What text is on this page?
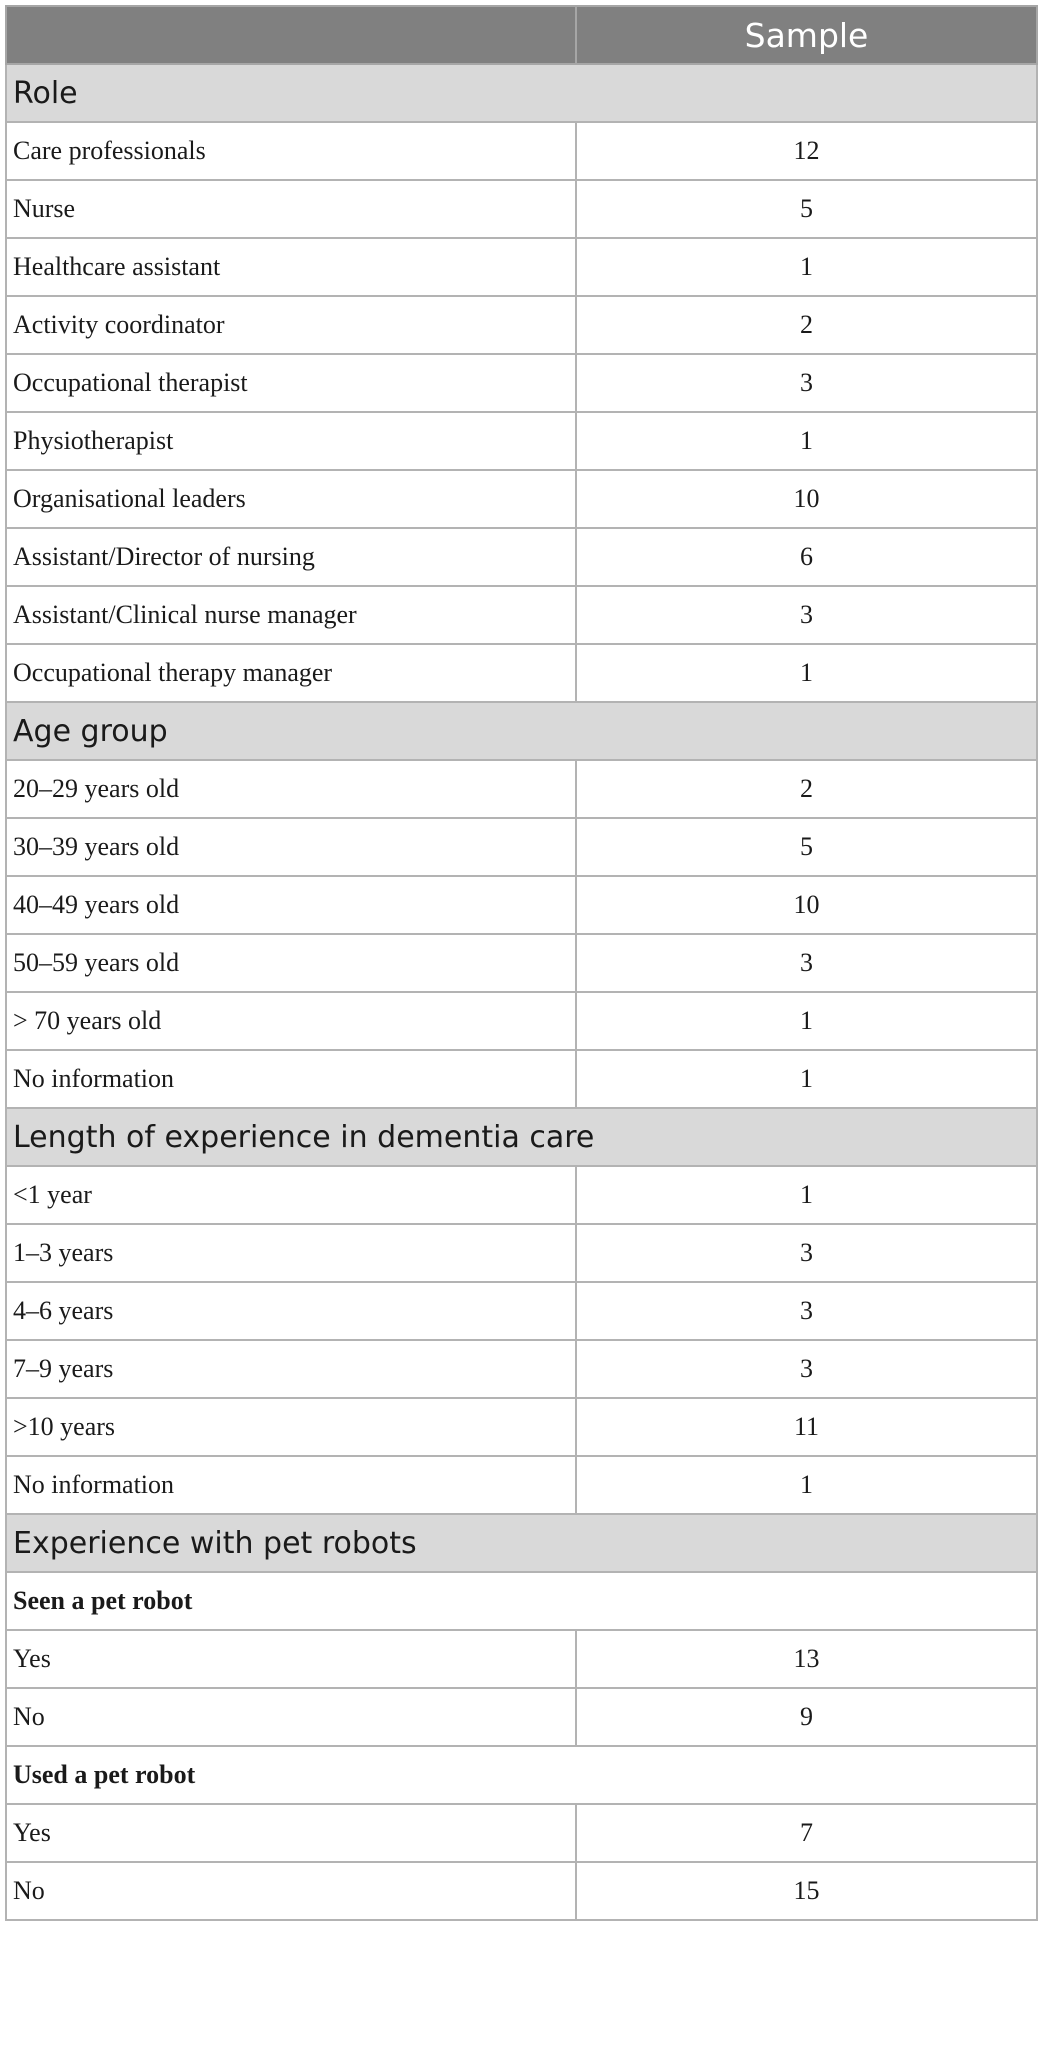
	Sample
Role	
Care professionals	12
Nurse	5
Healthcare assistant	1
Activity coordinator	2
Occupational therapist	3
Physiotherapist	1
Organisational leaders	10
Assistant/Director of nursing	6
Assistant/Clinical nurse manager	3
Occupational therapy manager	1
Age group	
20–29 years old	2
30–39 years old	5
40–49 years old	10
50–59 years old	3
> 70 years old	1
No information	1
Length of experience in dementia care	
<1 year	1
1–3 years	3
4–6 years	3
7–9 years	3
>10 years	11
No information	1
Experience with pet robots	
Seen a pet robot	
Yes	13
No	9
Used a pet robot	
Yes	7
No	15
